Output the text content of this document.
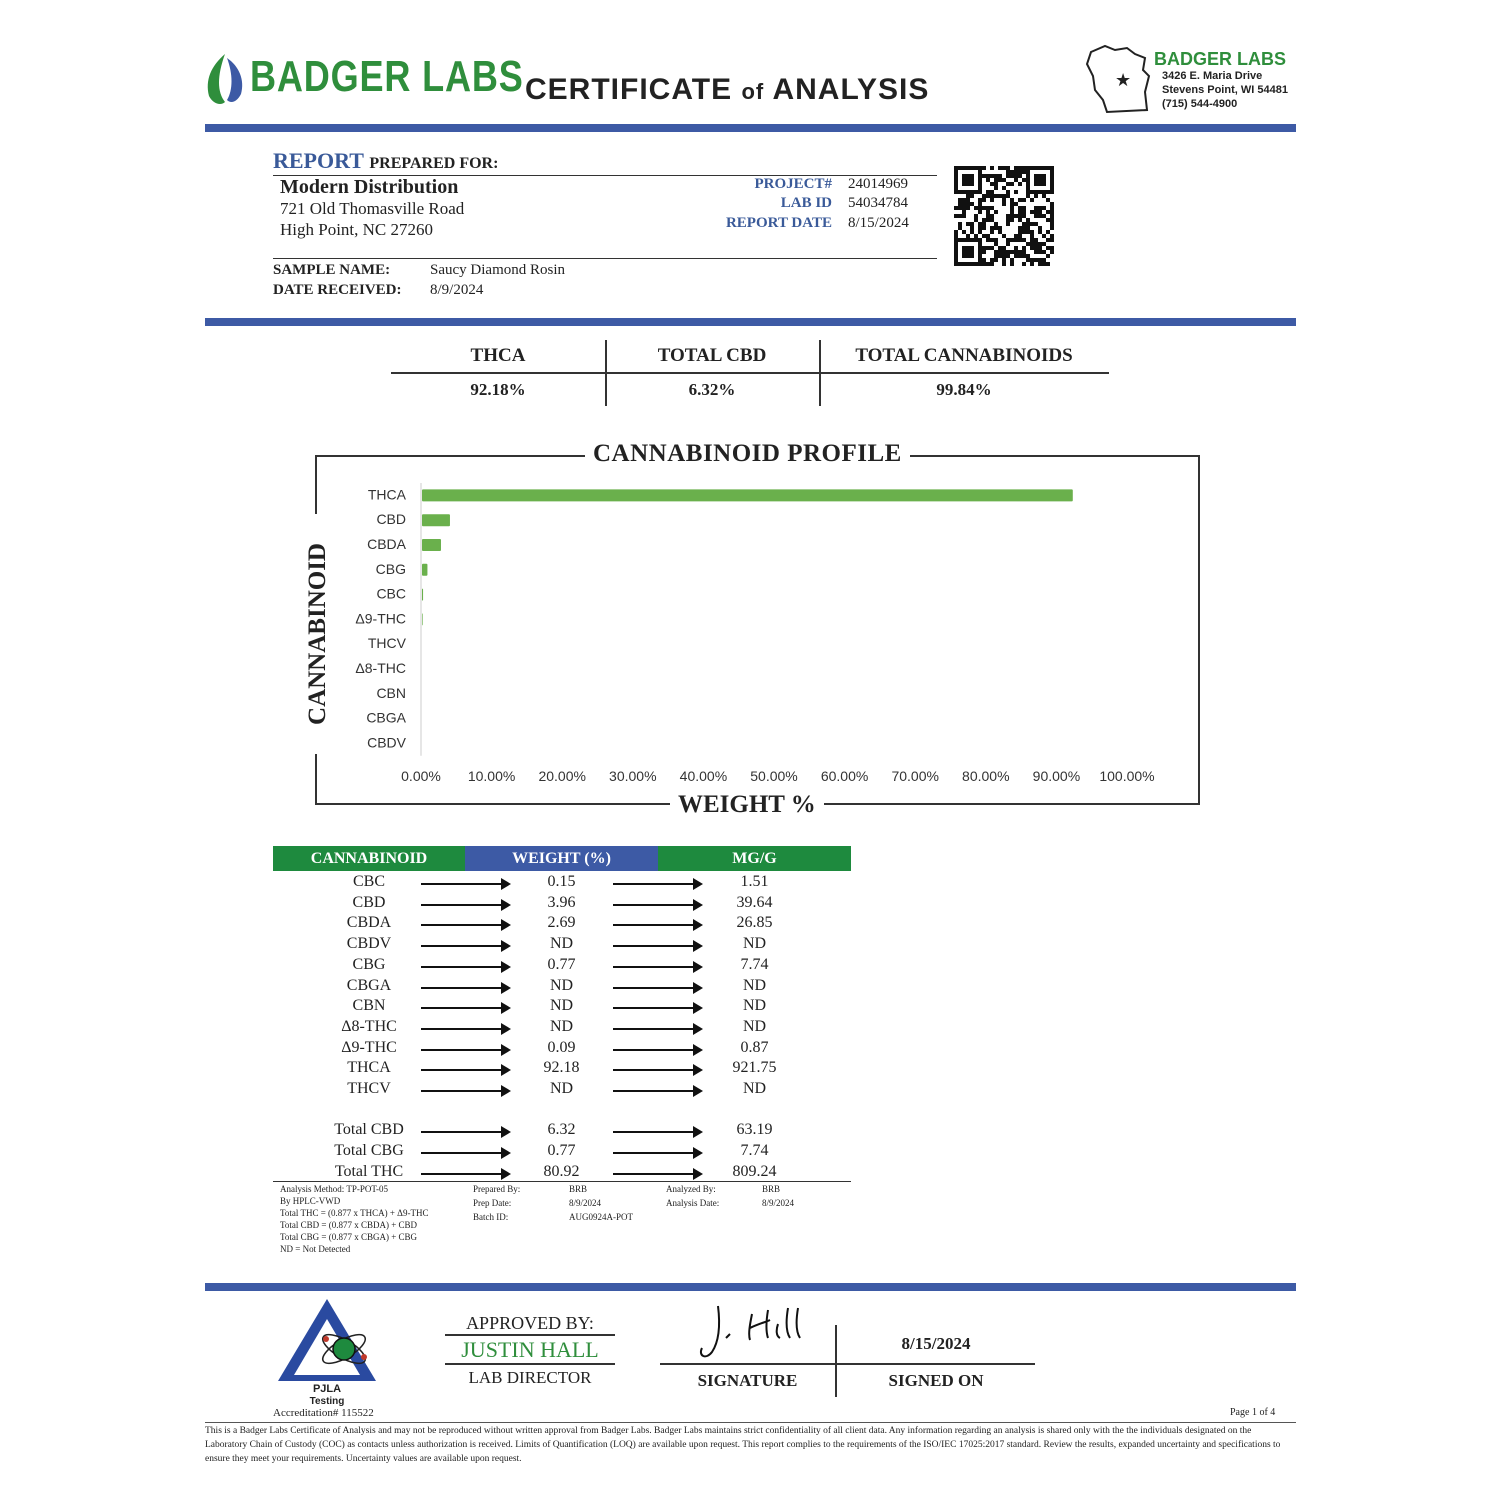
BADGER LABS CERTIFICATE of ANALYSIS	★
BADGER LABS
3426 E. Maria Drive
Stevens Point, WI 54481
(715) 544-4900
REPORT PREPARED FOR:
Modern Distribution
721 Old Thomasville Road
High Point, NC 27260
PROJECT# 24014969
LAB ID 54034784
REPORT DATE 8/15/2024
SAMPLE NAME:	Saucy Diamond Rosin
DATE RECEIVED: 8/9/2024
THCA	TOTAL CBD	TOTAL CANNABINOIDS
92.18%	6.32%	99.84%
CANNABINOID PROFILE
WEIGHT %
CANNABINOID
THCA
CBD
CBDA
CBG
CBC
Δ9-THC
THCV
Δ8-THC
CBN
CBGA
CBDV
0.00% 10.00% 20.00% 30.00% 40.00% 50.00% 60.00% 70.00% 80.00% 90.00% 100.00%
CANNABINOID	WEIGHT (%)	MG/G
CBC	0.15	1.51
CBD	3.96	39.64
CBDA	2.69	26.85
CBDV	ND	ND
CBG	0.77	7.74
CBGA	ND	ND
CBN	ND	ND
Δ8-THC	ND	ND
Δ9-THC	0.09	0.87
THCA	92.18	921.75
THCV	ND	ND
Total CBD	6.32	63.19
Total CBG	0.77	7.74
Total THC	80.92	809.24
Analysis Method: TP-POT-05
By HPLC-VWD
Total THC = (0.877 x THCA) + Δ9-THC
Total CBD = (0.877 x CBDA) + CBD
Total CBG = (0.877 x CBGA) + CBG
ND = Not Detected
Prepared By:	BRB
Prep Date:	8/9/2024
Batch ID:	AUG0924A-POT
Analyzed By:	BRB
Analysis Date:	8/9/2024
PJLA
Testing
Accreditation# 115522
APPROVED BY:
JUSTIN HALL
LAB DIRECTOR
8/15/2024
SIGNATURE	SIGNED ON
Page 1 of 4
This is a Badger Labs Certificate of Analysis and may not be reproduced without written approval from Badger Labs. Badger Labs maintains strict confidentiality of all client data. Any information regarding an analysis is shared only with the the individuals designated on the Laboratory Chain of Custody (COC) as contacts unless authorization is received. Limits of Quantification (LOQ) are available upon request. This report complies to the requirements of the ISO/IEC 17025:2017 standard. Review the results, expanded uncertainty and specifications to ensure they meet your requirements. Uncertainty values are available upon request.
